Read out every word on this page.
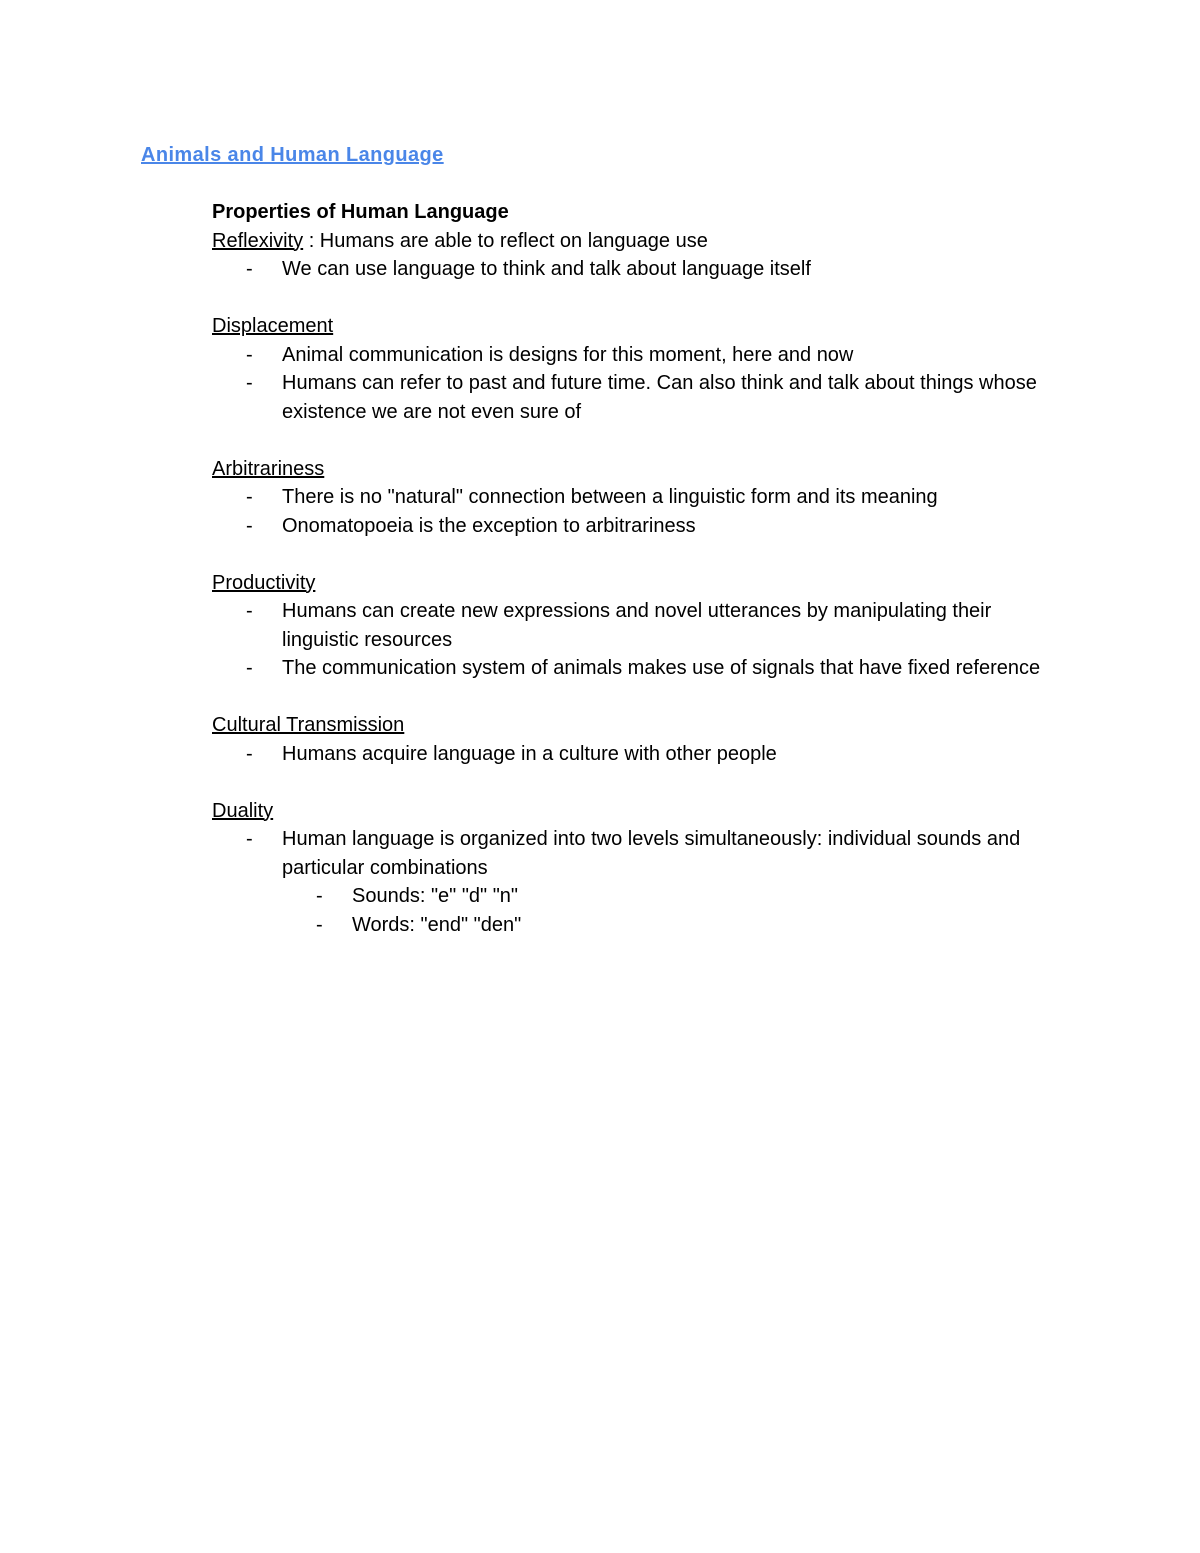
Animals and Human Language

Properties of Human Language

Reflexivity : Humans are able to reflect on language use

- We can use language to think and talk about language itself

Displacement

- Animal communication is designs for this moment, here and now
- Humans can refer to past and future time. Can also think and talk about things whose existence we are not even sure of

Arbitrariness

- There is no "natural" connection between a linguistic form and its meaning
- Onomatopoeia is the exception to arbitrariness

Productivity

- Humans can create new expressions and novel utterances by manipulating their linguistic resources
- The communication system of animals makes use of signals that have fixed reference

Cultural Transmission

- Humans acquire language in a culture with other people

Duality

- Human language is organized into two levels simultaneously: individual sounds and particular combinations
- Sounds: "e" "d" "n"
- Words: "end" "den"
